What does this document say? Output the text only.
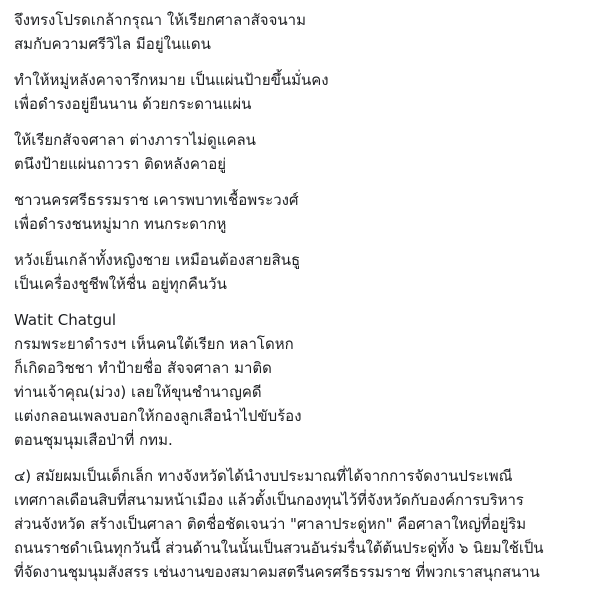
จึงทรงโปรดเกล้ากรุณา ให้เรียกศาลาสัจจนาม
สมกับความศรีวิไล มีอยู่ในแดน
ทำให้หมู่หลังคาจารึกหมาย เป็นแผ่นป้ายขึ้นมั่นคง
เพื่อดำรงอยู่ยืนนาน ด้วยกระดานแผ่น
ให้เรียกสัจจศาลา ต่างภาราไม่ดูแคลน
ตนึงป้ายแผ่นถาวรา ติดหลังคาอยู่
ชาวนครศรีธรรมราช เคารพบาทเชื้อพระวงศ์
เพื่อดำรงชนหมู่มาก ทนกระดากหู
หวังเย็นเกล้าทั้งหญิงชาย เหมือนต้องสายสินธู
เป็นเครื่องชูชีพให้ชื่น อยู่ทุกคืนวัน
Watit Chatgul
กรมพระยาดำรงฯ เห็นคนใต้เรียก หลาโดหก
ก็เกิดอวิชชา ทำป้ายชื่อ สัจจศาลา มาติด
ท่านเจ้าคุณ(ม่วง) เลยให้ขุนชำนาญคดี
แต่งกลอนเพลงบอกให้กองลูกเสือนำไปขับร้อง
ตอนชุมนุมเสือป่าที่ กทม.
๔) สมัยผมเป็นเด็กเล็ก ทางจังหวัดได้นำงบประมาณที่ได้จากการจัดงานประเพณี
เทศกาลเดือนสิบที่สนามหน้าเมือง แล้วตั้งเป็นกองทุนไว้ที่จังหวัดกับองค์การบริหาร
ส่วนจังหวัด สร้างเป็นศาลา ติดชื่อชัดเจนว่า "ศาลาประดู่หก" คือศาลาใหญ่ที่อยู่ริม
ถนนราชดำเนินทุกวันนี้ ส่วนด้านในนั้นเป็นสวนอันร่มรื่นใต้ต้นประดู่ทั้ง ๖ นิยมใช้เป็น
ที่จัดงานชุมนุมสังสรร เช่นงานของสมาคมสตรีนครศรีธรรมราช ที่พวกเราสนุกสนาน
